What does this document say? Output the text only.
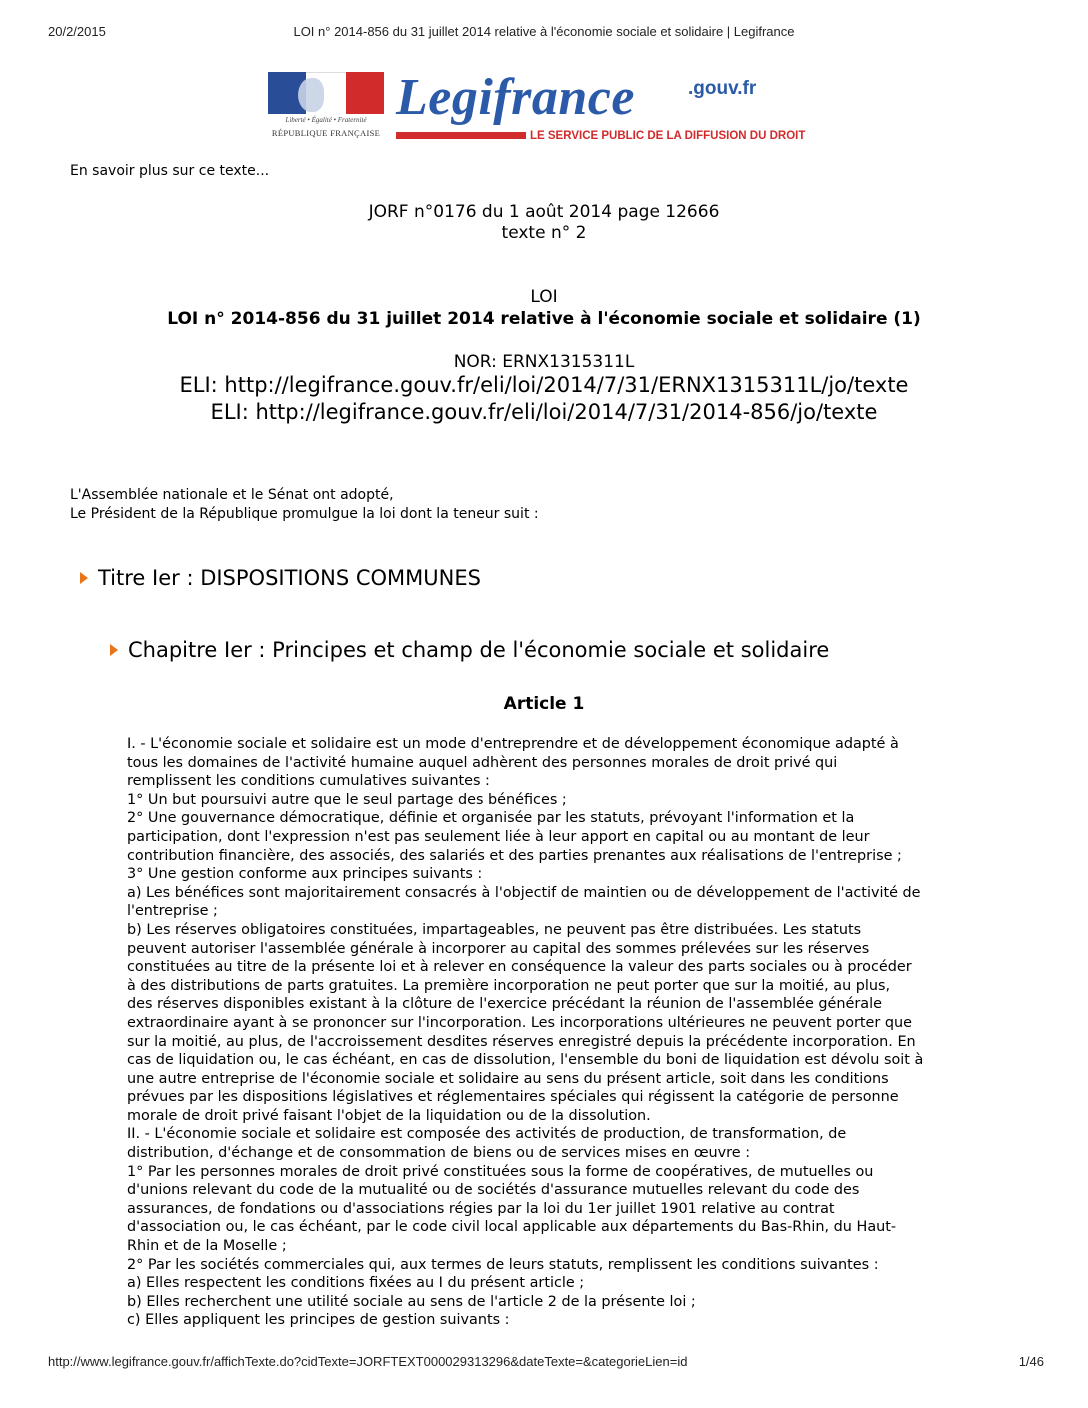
20/2/2015	LOI n° 2014-856 du 31 juillet 2014 relative à l'économie sociale et solidaire | Legifrance
Liberté • Égalité • Fraternité
RÉPUBLIQUE FRANÇAISE
Legifrance	.gouv.fr
LE SERVICE PUBLIC DE LA DIFFUSION DU DROIT
En savoir plus sur ce texte...
JORF n°0176 du 1 août 2014 page 12666
texte n° 2
LOI
LOI n° 2014-856 du 31 juillet 2014 relative à l'économie sociale et solidaire (1)
NOR: ERNX1315311L
ELI: http://legifrance.gouv.fr/eli/loi/2014/7/31/ERNX1315311L/jo/texte
ELI: http://legifrance.gouv.fr/eli/loi/2014/7/31/2014-856/jo/texte
L'Assemblée nationale et le Sénat ont adopté,
Le Président de la République promulgue la loi dont la teneur suit :
Titre Ier : DISPOSITIONS COMMUNES
Chapitre Ier : Principes et champ de l'économie sociale et solidaire
Article 1

I. - L'économie sociale et solidaire est un mode d'entreprendre et de développement économique adapté à

tous les domaines de l'activité humaine auquel adhèrent des personnes morales de droit privé qui

remplissent les conditions cumulatives suivantes :

1° Un but poursuivi autre que le seul partage des bénéfices ;

2° Une gouvernance démocratique, définie et organisée par les statuts, prévoyant l'information et la

participation, dont l'expression n'est pas seulement liée à leur apport en capital ou au montant de leur

contribution financière, des associés, des salariés et des parties prenantes aux réalisations de l'entreprise ;

3° Une gestion conforme aux principes suivants :

a) Les bénéfices sont majoritairement consacrés à l'objectif de maintien ou de développement de l'activité de

l'entreprise ;

b) Les réserves obligatoires constituées, impartageables, ne peuvent pas être distribuées. Les statuts

peuvent autoriser l'assemblée générale à incorporer au capital des sommes prélevées sur les réserves

constituées au titre de la présente loi et à relever en conséquence la valeur des parts sociales ou à procéder

à des distributions de parts gratuites. La première incorporation ne peut porter que sur la moitié, au plus,

des réserves disponibles existant à la clôture de l'exercice précédant la réunion de l'assemblée générale

extraordinaire ayant à se prononcer sur l'incorporation. Les incorporations ultérieures ne peuvent porter que

sur la moitié, au plus, de l'accroissement desdites réserves enregistré depuis la précédente incorporation. En

cas de liquidation ou, le cas échéant, en cas de dissolution, l'ensemble du boni de liquidation est dévolu soit à

une autre entreprise de l'économie sociale et solidaire au sens du présent article, soit dans les conditions

prévues par les dispositions législatives et réglementaires spéciales qui régissent la catégorie de personne

morale de droit privé faisant l'objet de la liquidation ou de la dissolution.

II. - L'économie sociale et solidaire est composée des activités de production, de transformation, de

distribution, d'échange et de consommation de biens ou de services mises en œuvre :

1° Par les personnes morales de droit privé constituées sous la forme de coopératives, de mutuelles ou

d'unions relevant du code de la mutualité ou de sociétés d'assurance mutuelles relevant du code des

assurances, de fondations ou d'associations régies par la loi du 1er juillet 1901 relative au contrat

d'association ou, le cas échéant, par le code civil local applicable aux départements du Bas-Rhin, du Haut-

Rhin et de la Moselle ;

2° Par les sociétés commerciales qui, aux termes de leurs statuts, remplissent les conditions suivantes :

a) Elles respectent les conditions fixées au I du présent article ;

b) Elles recherchent une utilité sociale au sens de l'article 2 de la présente loi ;

c) Elles appliquent les principes de gestion suivants :

http://www.legifrance.gouv.fr/affichTexte.do?cidTexte=JORFTEXT000029313296&dateTexte=&categorieLien=id	1/46
